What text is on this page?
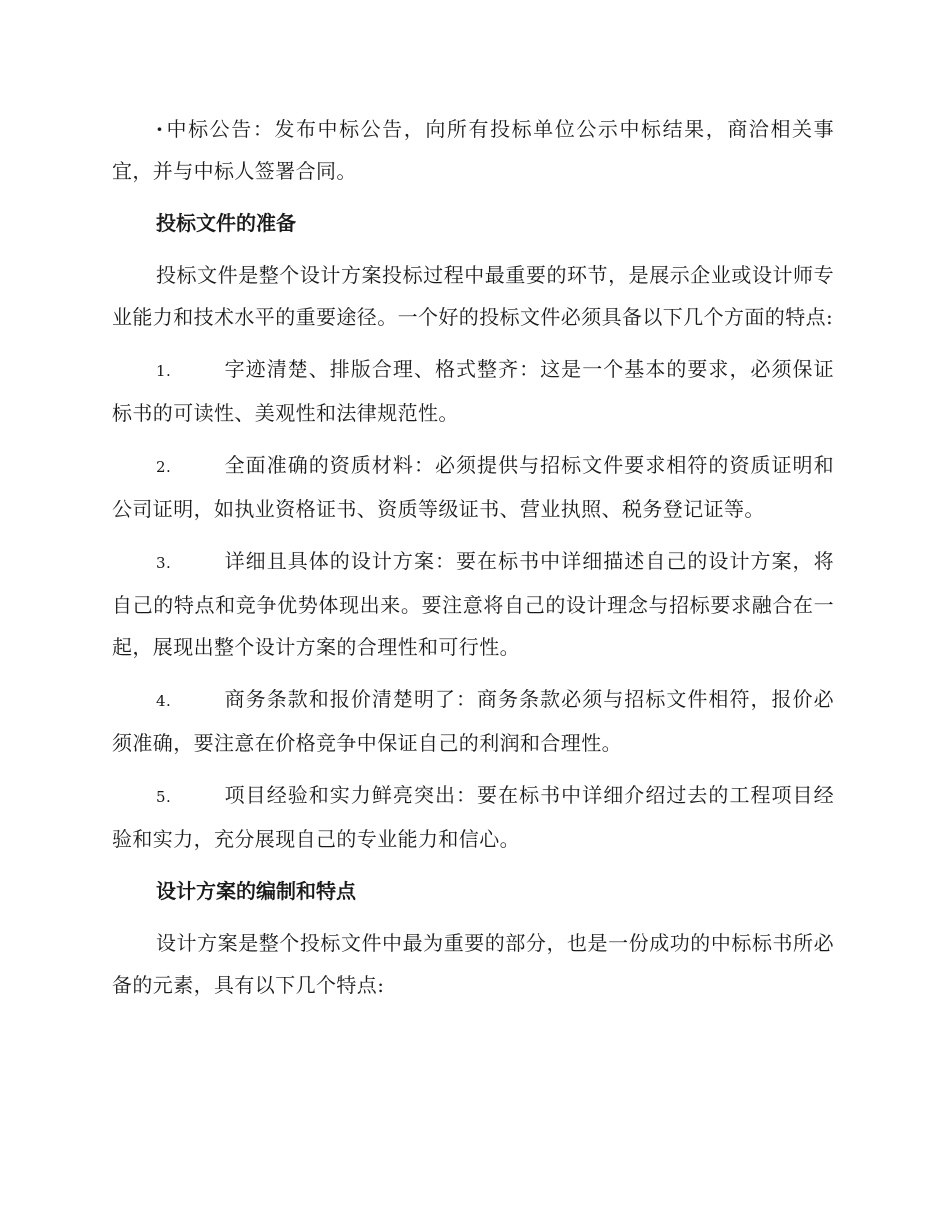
· 中标公告：发布中标公告，向所有投标单位公示中标结果，商洽相关事宜，并与中标人签署合同。

投标文件的准备

投标文件是整个设计方案投标过程中最重要的环节，是展示企业或设计师专业能力和技术水平的重要途径。一个好的投标文件必须具备以下几个方面的特点:

1.	字迹清楚、排版合理、格式整齐：这是一个基本的要求，必须保证标书的可读性、美观性和法律规范性。

2.	全面准确的资质材料：必须提供与招标文件要求相符的资质证明和公司证明，如执业资格证书、资质等级证书、营业执照、税务登记证等。

3.	详细且具体的设计方案：要在标书中详细描述自己的设计方案，将自己的特点和竞争优势体现出来。要注意将自己的设计理念与招标要求融合在一起，展现出整个设计方案的合理性和可行性。

4.	商务条款和报价清楚明了：商务条款必须与招标文件相符，报价必须准确，要注意在价格竞争中保证自己的利润和合理性。

5.	项目经验和实力鲜亮突出：要在标书中详细介绍过去的工程项目经验和实力，充分展现自己的专业能力和信心。

设计方案的编制和特点

设计方案是整个投标文件中最为重要的部分，也是一份成功的中标标书所必备的元素，具有以下几个特点:
